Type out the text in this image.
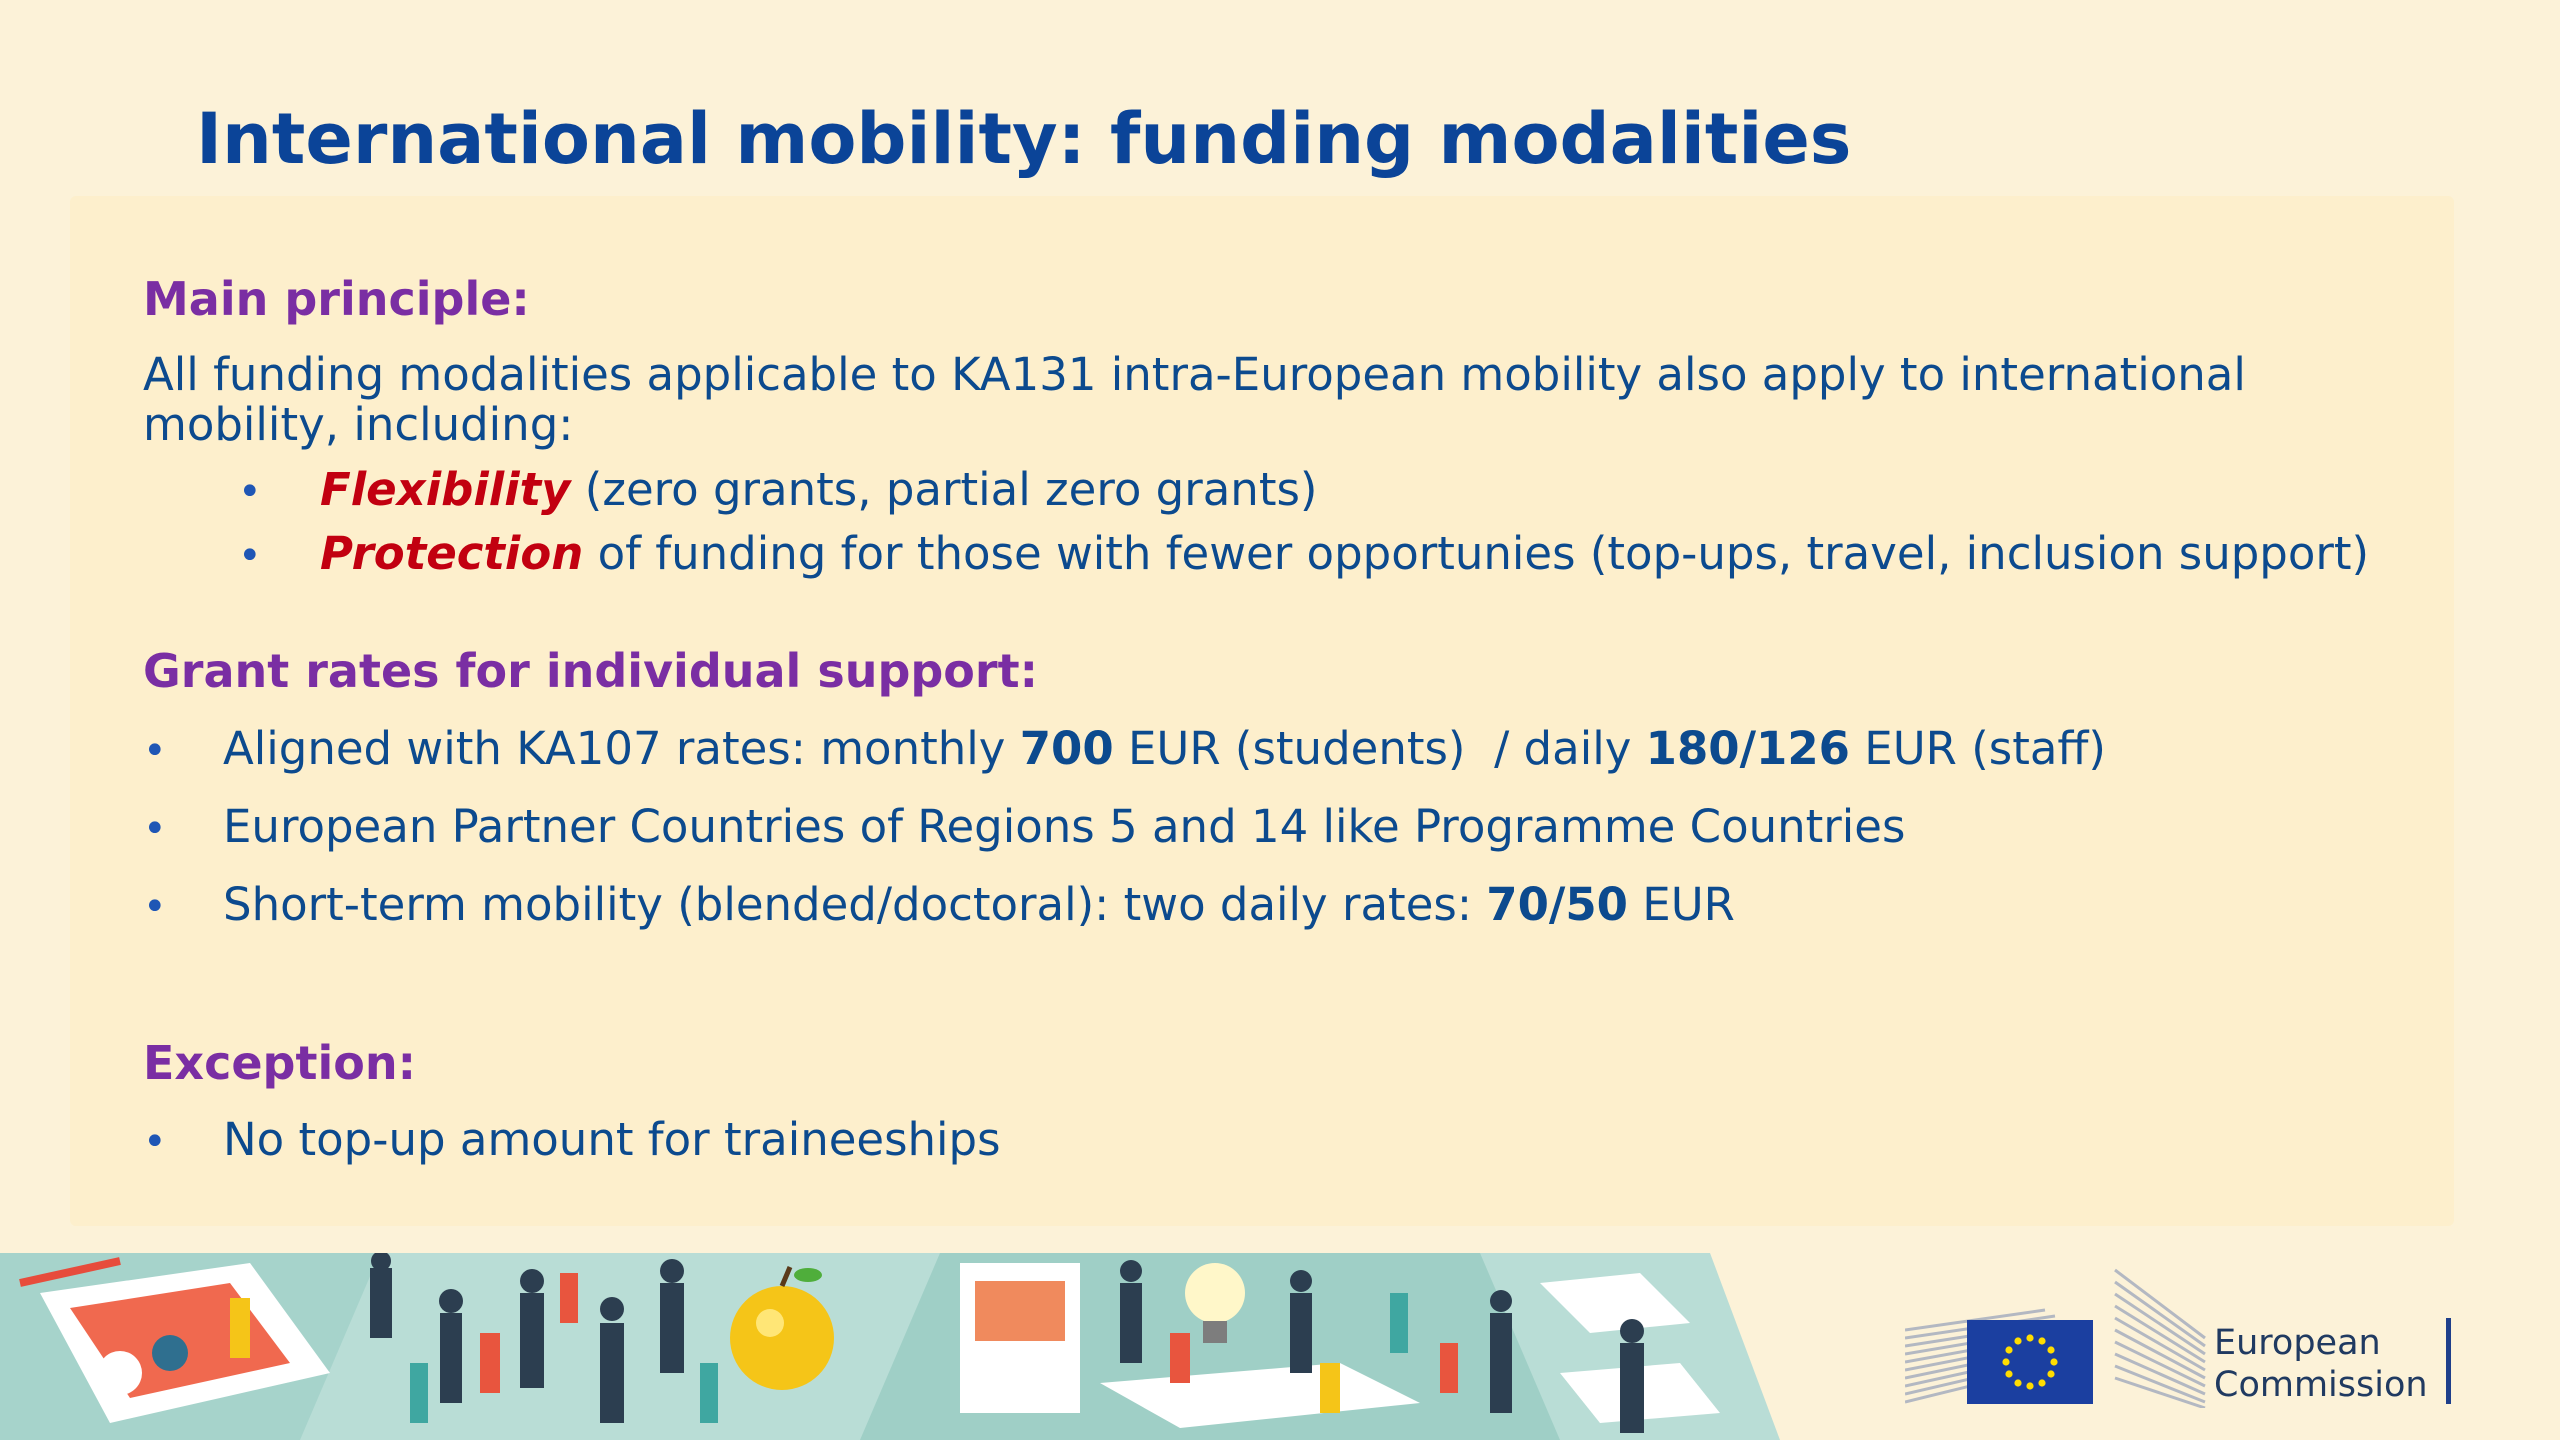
International mobility: funding modalities
Main principle:
All funding modalities applicable to KA131 intra-European mobility also apply to international
mobility, including:
• Flexibility (zero grants, partial zero grants)
• Protection of funding for those with fewer opportunies (top-ups, travel, inclusion support)
Grant rates for individual support:
• Aligned with KA107 rates: monthly 700 EUR (students)  / daily 180/126 EUR (staff)
• European Partner Countries of Regions 5 and 14 like Programme Countries
• Short-term mobility (blended/doctoral): two daily rates: 70/50 EUR
Exception:
• No top-up amount for traineeships
European
Commission
